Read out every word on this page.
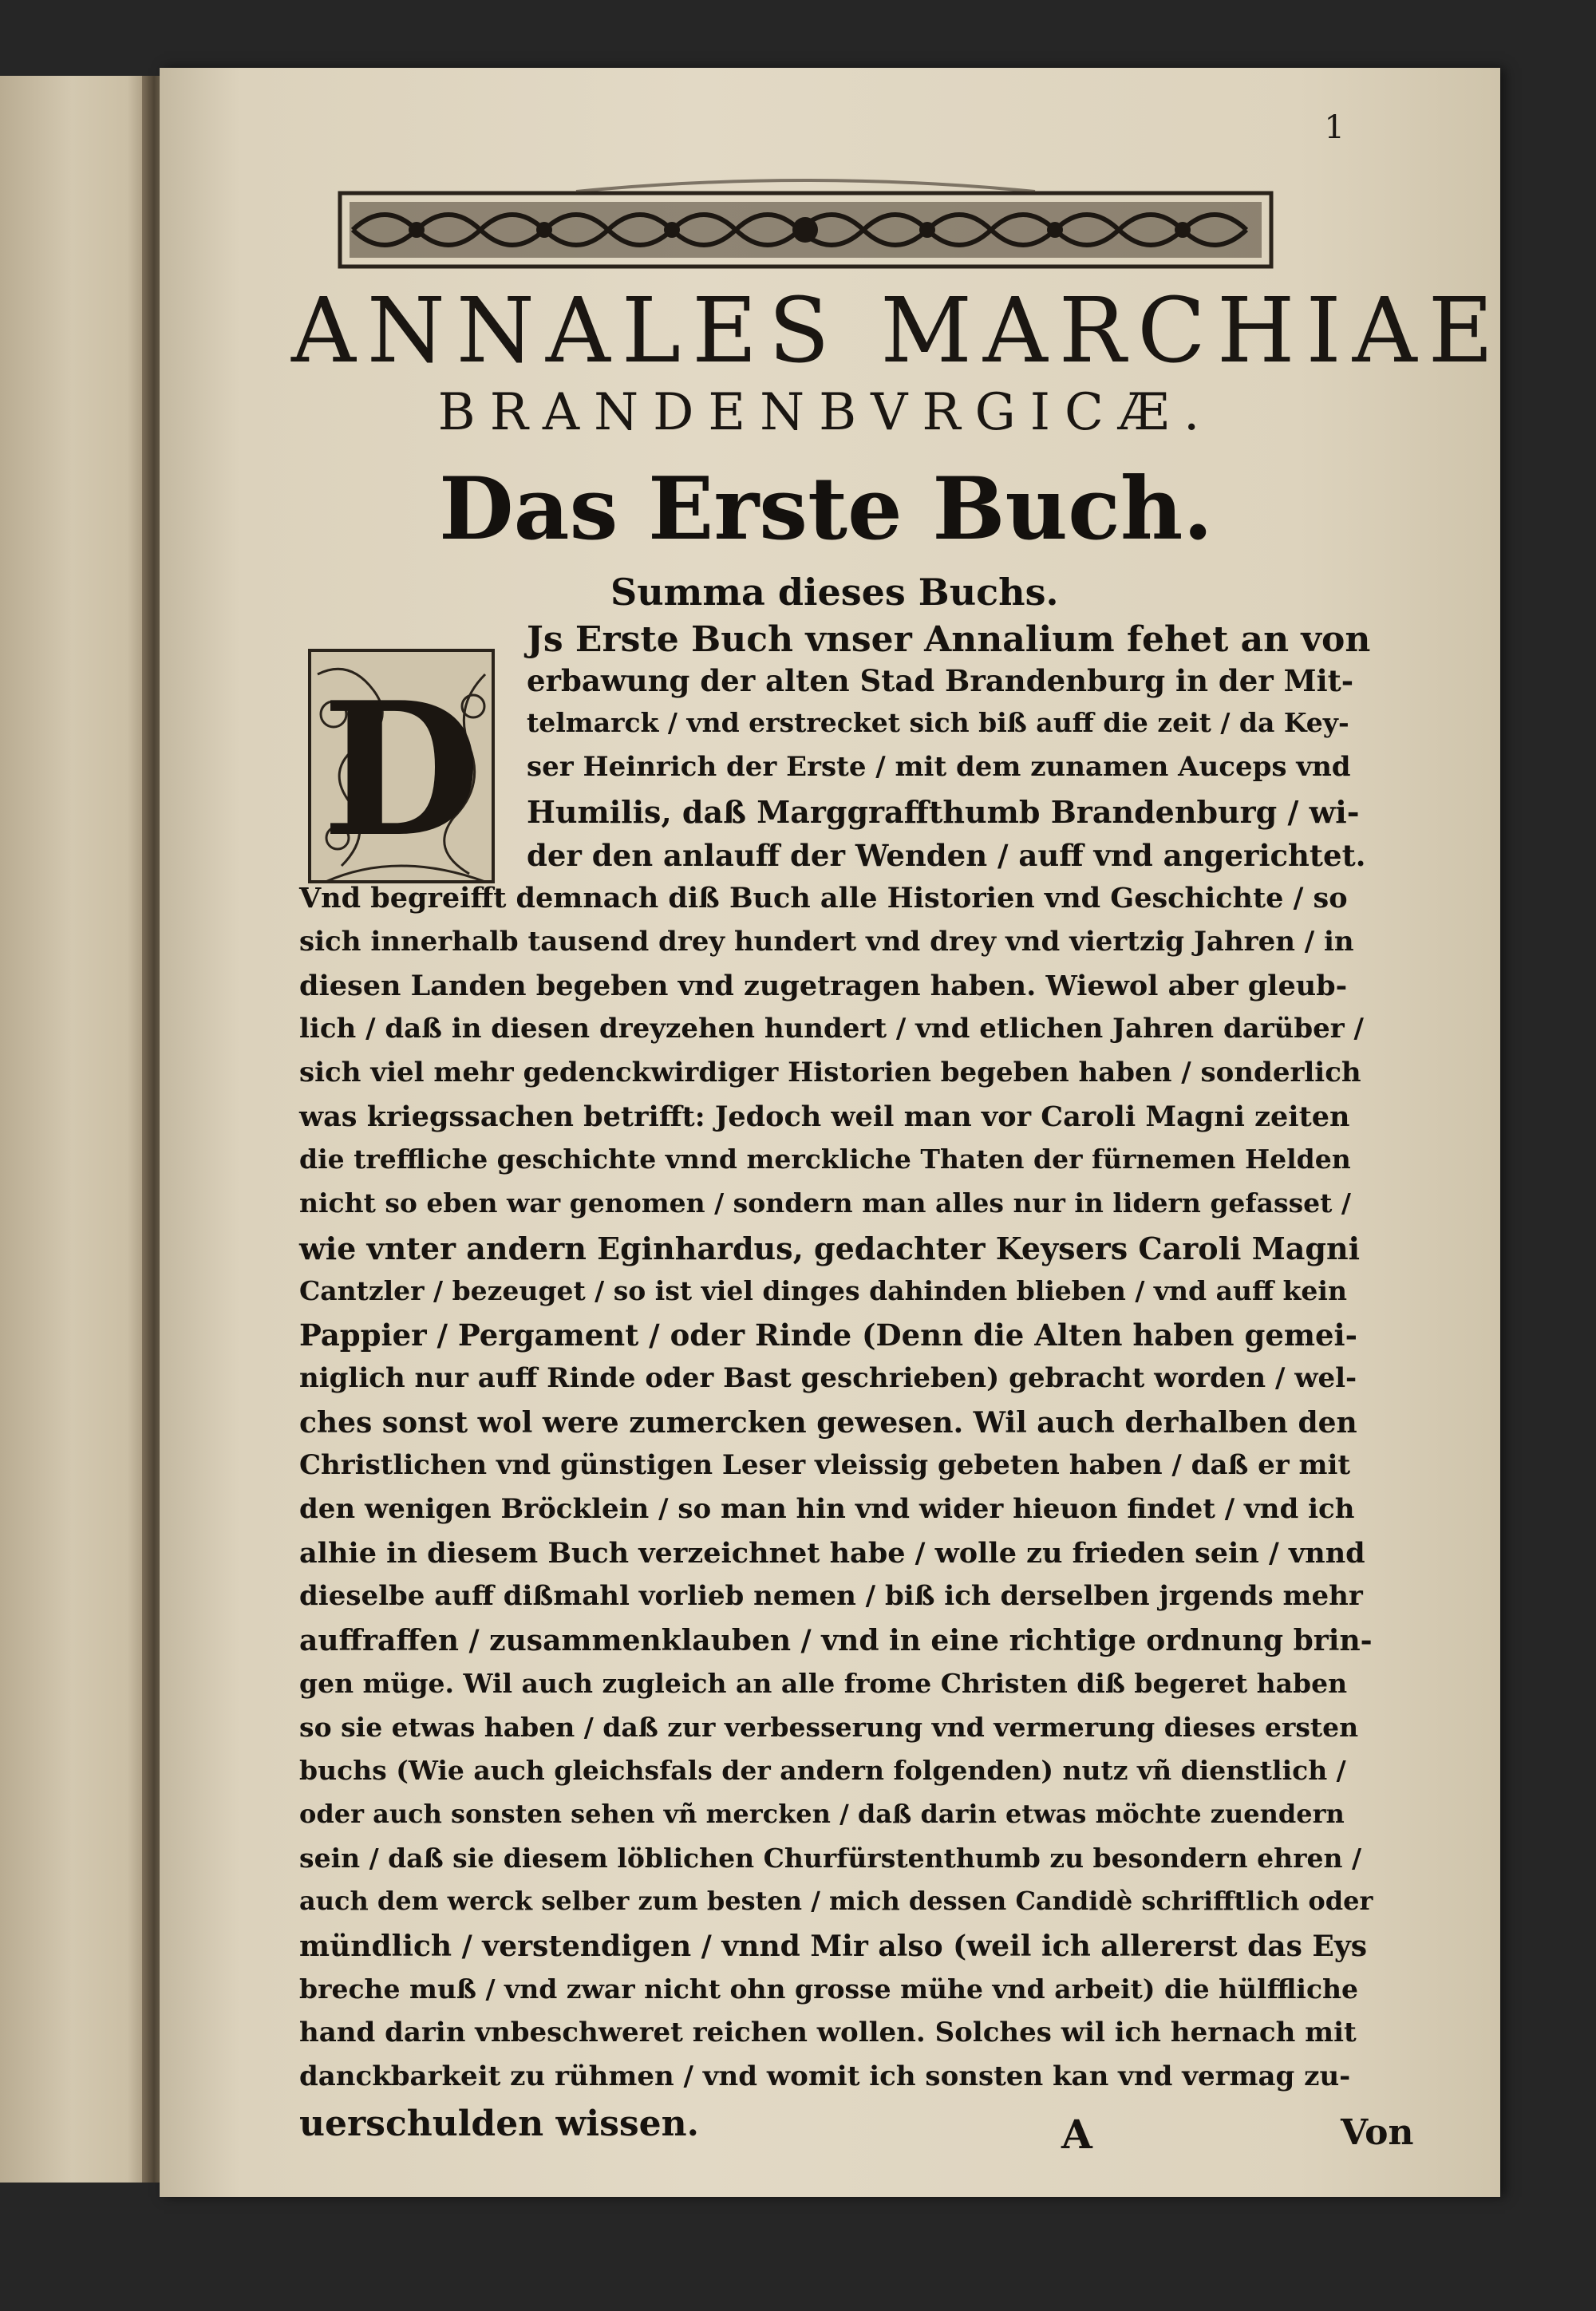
1
ANNALES MARCHIAE
BRANDENBVRGICÆ.
Das Erste Buch.
Summa dieses Buchs.
D
Js Erste Buch vnser Annalium fehet an von
erbawung der alten Stad Brandenburg in der Mit-
telmarck / vnd erstrecket sich biß auff die zeit / da Key-
ser Heinrich der Erste / mit dem zunamen Auceps vnd
Humilis, daß Marggraffthumb Brandenburg / wi-
der den anlauff der Wenden / auff vnd angerichtet.
Vnd begreifft demnach diß Buch alle Historien vnd Geschichte / so
sich innerhalb tausend drey hundert vnd drey vnd viertzig Jahren / in
diesen Landen begeben vnd zugetragen haben. Wiewol aber gleub-
lich / daß in diesen dreyzehen hundert / vnd etlichen Jahren darüber /
sich viel mehr gedenckwirdiger Historien begeben haben / sonderlich
was kriegssachen betrifft: Jedoch weil man vor Caroli Magni zeiten
die treffliche geschichte vnnd merckliche Thaten der fürnemen Helden
nicht so eben war genomen / sondern man alles nur in lidern gefasset /
wie vnter andern Eginhardus, gedachter Keysers Caroli Magni
Cantzler / bezeuget / so ist viel dinges dahinden blieben / vnd auff kein
Pappier / Pergament / oder Rinde (Denn die Alten haben gemei-
niglich nur auff Rinde oder Bast geschrieben) gebracht worden / wel-
ches sonst wol were zumercken gewesen. Wil auch derhalben den
Christlichen vnd günstigen Leser vleissig gebeten haben / daß er mit
den wenigen Bröcklein / so man hin vnd wider hieuon findet / vnd ich
alhie in diesem Buch verzeichnet habe / wolle zu frieden sein / vnnd
dieselbe auff dißmahl vorlieb nemen / biß ich derselben jrgends mehr
auffraffen / zusammenklauben / vnd in eine richtige ordnung brin-
gen müge. Wil auch zugleich an alle frome Christen diß begeret haben
so sie etwas haben / daß zur verbesserung vnd vermerung dieses ersten
buchs (Wie auch gleichsfals der andern folgenden) nutz vñ dienstlich /
oder auch sonsten sehen vñ mercken / daß darin etwas möchte zuendern
sein / daß sie diesem löblichen Churfürstenthumb zu besondern ehren /
auch dem werck selber zum besten / mich dessen Candidè schrifftlich oder
mündlich / verstendigen / vnnd Mir also (weil ich allererst das Eys
breche muß / vnd zwar nicht ohn grosse mühe vnd arbeit) die hülffliche
hand darin vnbeschweret reichen wollen. Solches wil ich hernach mit
danckbarkeit zu rühmen / vnd womit ich sonsten kan vnd vermag zu-
uerschulden wissen.	A	Von
